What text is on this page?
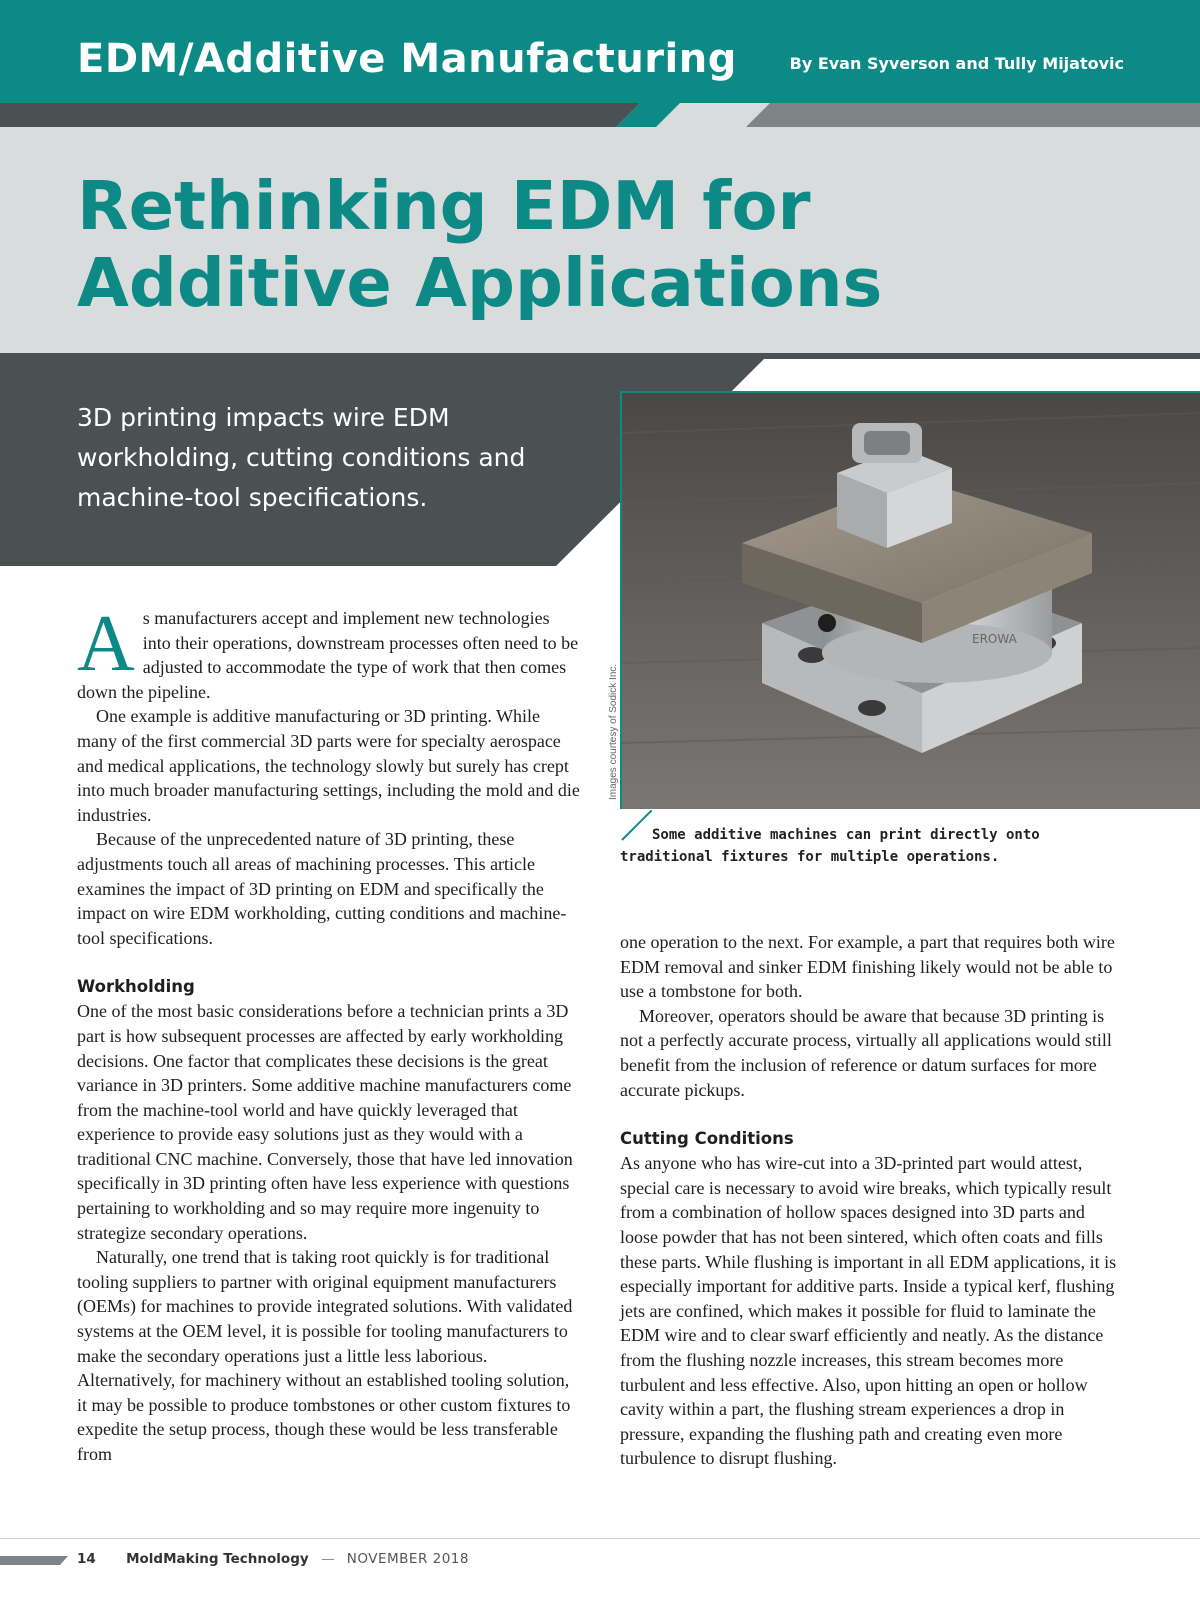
EDM/Additive Manufacturing	By Evan Syverson and Tully Mijatovic
Rethinking EDM for
Additive Applications

3D printing impacts wire EDM workholding, cutting conditions and machine-tool specifications.

EROWA
Images courtesy of Sodick Inc.

Some additive machines can print directly onto traditional fixtures for multiple operations.

As manufacturers accept and implement new technologies into their operations, downstream processes often need to be adjusted to accommodate the type of work that then comes down the pipeline.

One example is additive manufacturing or 3D printing. While many of the first commercial 3D parts were for specialty aerospace and medical applications, the technology slowly but surely has crept into much broader manufacturing settings, including the mold and die industries.

Because of the unprecedented nature of 3D printing, these adjustments touch all areas of machining processes. This article examines the impact of 3D printing on EDM and specifically the impact on wire EDM workholding, cutting conditions and machine-tool specifications.

Workholding

One of the most basic considerations before a technician prints a 3D part is how subsequent processes are affected by early workholding decisions. One factor that complicates these decisions is the great variance in 3D printers. Some additive machine manufacturers come from the machine-tool world and have quickly leveraged that experience to provide easy solutions just as they would with a traditional CNC machine. Conversely, those that have led innovation specifically in 3D printing often have less experience with questions pertaining to workholding and so may require more ingenuity to strategize secondary operations.

Naturally, one trend that is taking root quickly is for traditional tooling suppliers to partner with original equipment manufacturers (OEMs) for machines to provide integrated solutions. With validated systems at the OEM level, it is possible for tooling manufacturers to make the secondary operations just a little less laborious. Alternatively, for machinery without an established tooling solution, it may be possible to produce tombstones or other custom fixtures to expedite the setup process, though these would be less transferable from

one operation to the next. For example, a part that requires both wire EDM removal and sinker EDM finishing likely would not be able to use a tombstone for both.

Moreover, operators should be aware that because 3D printing is not a perfectly accurate process, virtually all applications would still benefit from the inclusion of reference or datum surfaces for more accurate pickups.

Cutting Conditions

As anyone who has wire-cut into a 3D-printed part would attest, special care is necessary to avoid wire breaks, which typically result from a combination of hollow spaces designed into 3D parts and loose powder that has not been sintered, which often coats and fills these parts. While flushing is important in all EDM applications, it is especially important for additive parts. Inside a typical kerf, flushing jets are confined, which makes it possible for fluid to laminate the EDM wire and to clear swarf efficiently and neatly. As the distance from the flushing nozzle increases, this stream becomes more turbulent and less effective. Also, upon hitting an open or hollow cavity within a part, the flushing stream experiences a drop in pressure, expanding the flushing path and creating even more turbulence to disrupt flushing.

14 MoldMaking Technology — NOVEMBER 2018
